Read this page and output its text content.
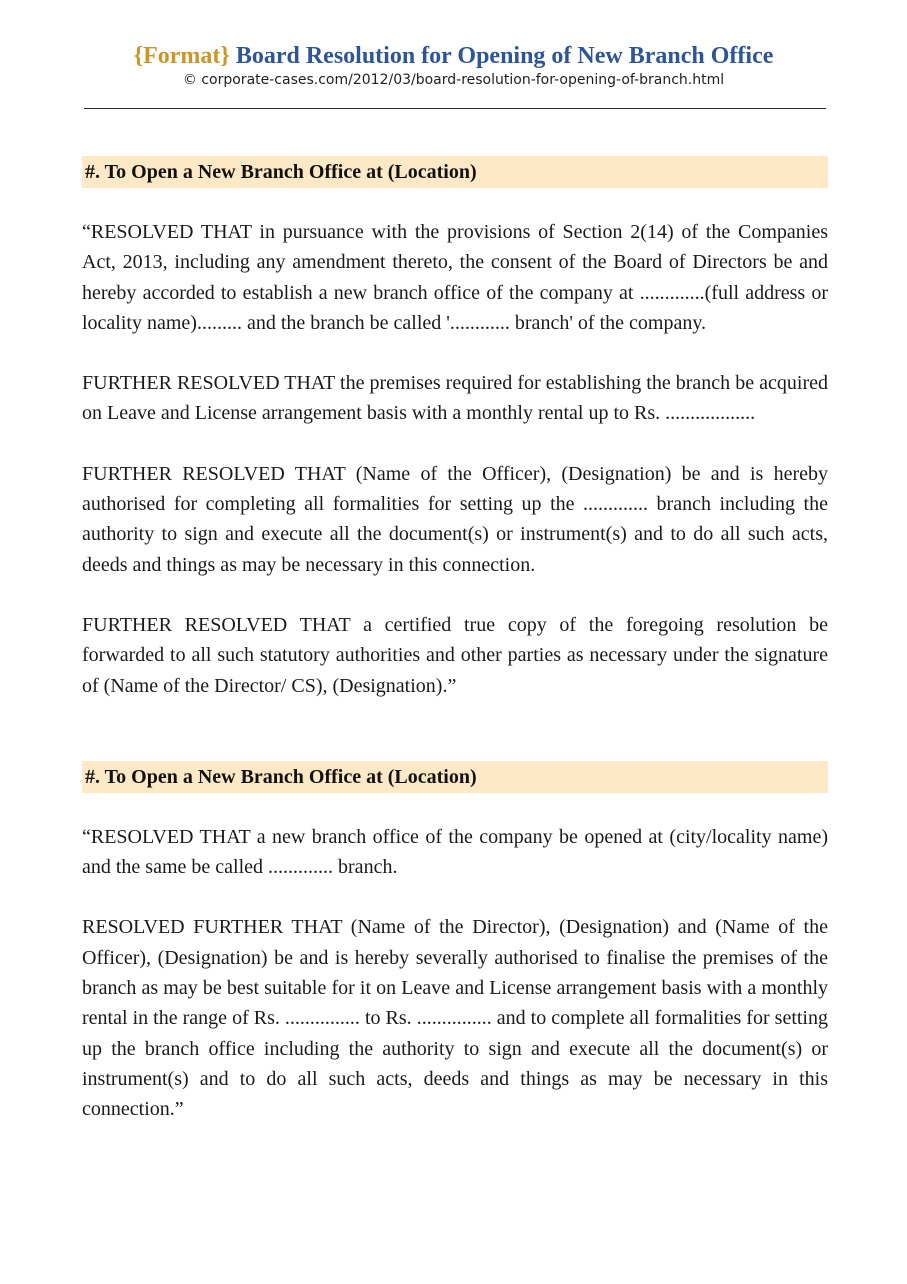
{Format} Board Resolution for Opening of New Branch Office
© corporate-cases.com/2012/03/board-resolution-for-opening-of-branch.html
#. To Open a New Branch Office at (Location)

“RESOLVED THAT in pursuance with the provisions of Section 2(14) of the Companies Act, 2013, including any amendment thereto, the consent of the Board of Directors be and hereby accorded to establish a new branch office of the company at .............(full address or locality name)......... and the branch be called '............ branch' of the company.

FURTHER RESOLVED THAT the premises required for establishing the branch be acquired on Leave and License arrangement basis with a monthly rental up to Rs. ..................

FURTHER RESOLVED THAT (Name of the Officer), (Designation) be and is hereby authorised for completing all formalities for setting up the ............. branch including the authority to sign and execute all the document(s) or instrument(s) and to do all such acts, deeds and things as may be necessary in this connection.

FURTHER RESOLVED THAT a certified true copy of the foregoing resolution be forwarded to all such statutory authorities and other parties as necessary under the signature of (Name of the Director/ CS), (Designation).”

#. To Open a New Branch Office at (Location)

“RESOLVED THAT a new branch office of the company be opened at (city/locality name) and the same be called ............. branch.

RESOLVED FURTHER THAT (Name of the Director), (Designation) and (Name of the Officer), (Designation) be and is hereby severally authorised to finalise the premises of the branch as may be best suitable for it on Leave and License arrangement basis with a monthly rental in the range of Rs. ............... to Rs. ............... and to complete all formalities for setting up the branch office including the authority to sign and execute all the document(s) or instrument(s) and to do all such acts, deeds and things as may be necessary in this connection.”
